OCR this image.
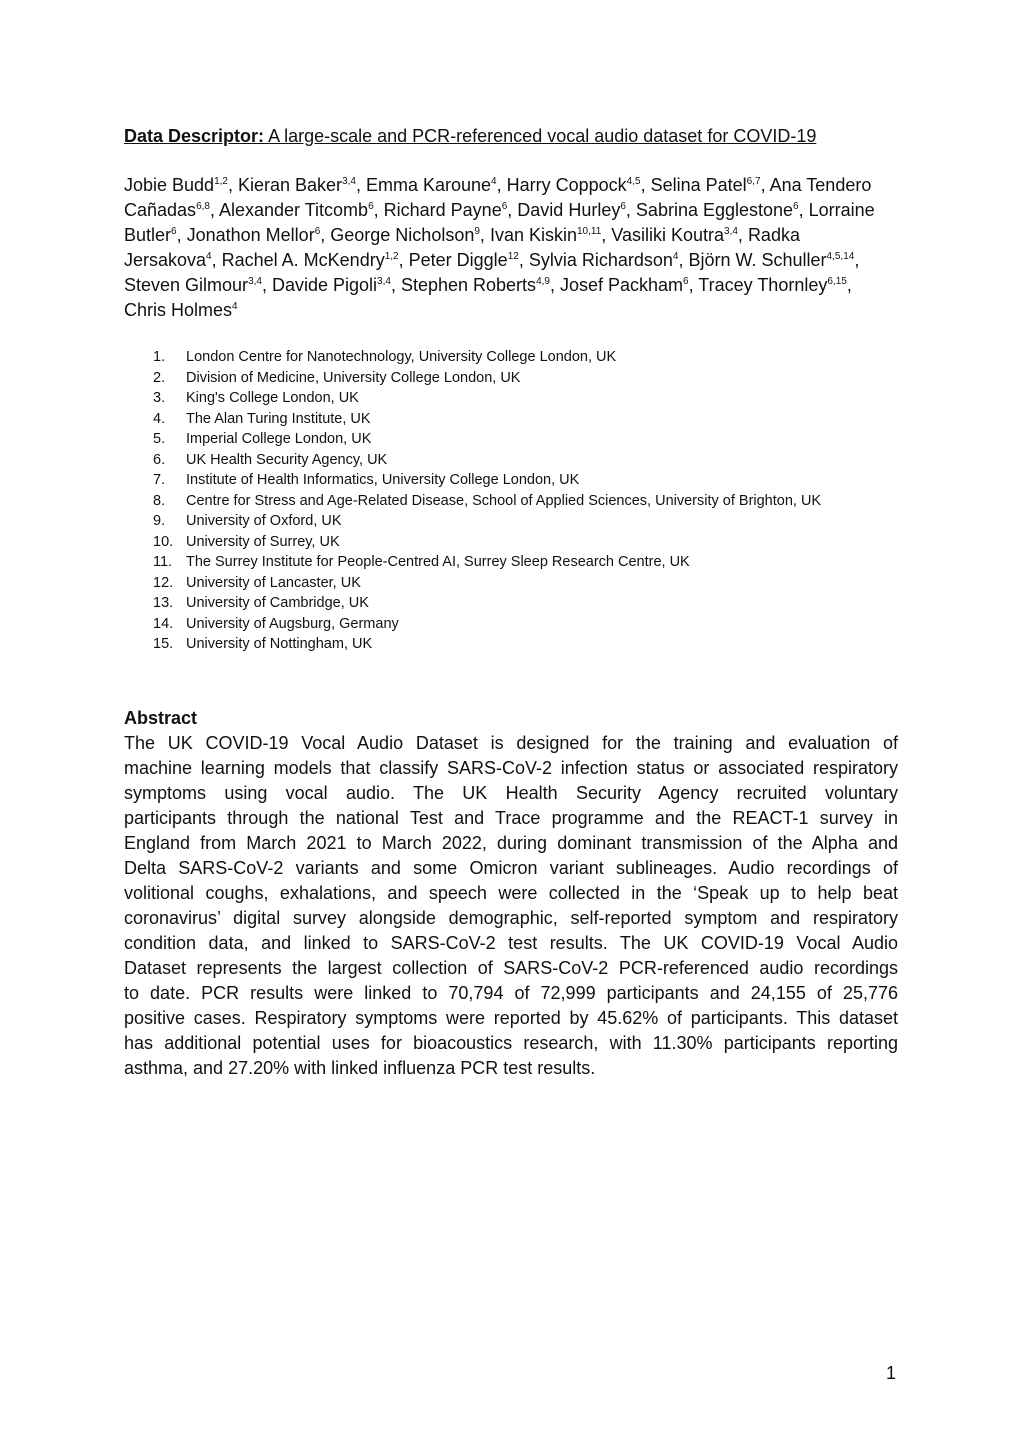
Data Descriptor: A large-scale and PCR-referenced vocal audio dataset for COVID-19
Jobie Budd$^{1,2}$, Kieran Baker$^{3,4}$, Emma Karoune$^4$, Harry Coppock$^{4,5}$, Selina Patel$^{6,7}$, Ana Tendero Cañadas$^{6,8}$, Alexander Titcomb$^6$, Richard Payne$^6$, David Hurley$^6$, Sabrina Egglestone$^6$, Lorraine Butler$^6$, Jonathon Mellor$^6$, George Nicholson$^9$, Ivan Kiskin$^{10,11}$, Vasiliki Koutra$^{3,4}$, Radka Jersakova$^4$, Rachel A. McKendry$^{1,2}$, Peter Diggle$^{12}$, Sylvia Richardson$^4$, Björn W. Schuller$^{4,5,14}$, Steven Gilmour$^{3,4}$, Davide Pigoli$^{3,4}$, Stephen Roberts$^{4,9}$, Josef Packham$^6$, Tracey Thornley$^{6,15}$, Chris Holmes$^4$
1. London Centre for Nanotechnology, University College London, UK
2. Division of Medicine, University College London, UK
3. King's College London, UK
4. The Alan Turing Institute, UK
5. Imperial College London, UK
6. UK Health Security Agency, UK
7. Institute of Health Informatics, University College London, UK
8. Centre for Stress and Age-Related Disease, School of Applied Sciences, University of Brighton, UK
9. University of Oxford, UK
10. University of Surrey, UK
11. The Surrey Institute for People-Centred AI, Surrey Sleep Research Centre, UK
12. University of Lancaster, UK
13. University of Cambridge, UK
14. University of Augsburg, Germany
15. University of Nottingham, UK
Abstract
The UK COVID-19 Vocal Audio Dataset is designed for the training and evaluation of
machine learning models that classify SARS-CoV-2 infection status or associated respiratory
symptoms using vocal audio. The UK Health Security Agency recruited voluntary
participants through the national Test and Trace programme and the REACT-1 survey in
England from March 2021 to March 2022, during dominant transmission of the Alpha and
Delta SARS-CoV-2 variants and some Omicron variant sublineages. Audio recordings of
volitional coughs, exhalations, and speech were collected in the ‘Speak up to help beat
coronavirus’ digital survey alongside demographic, self-reported symptom and respiratory
condition data, and linked to SARS-CoV-2 test results. The UK COVID-19 Vocal Audio
Dataset represents the largest collection of SARS-CoV-2 PCR-referenced audio recordings
to date. PCR results were linked to 70,794 of 72,999 participants and 24,155 of 25,776
positive cases. Respiratory symptoms were reported by 45.62% of participants. This dataset
has additional potential uses for bioacoustics research, with 11.30% participants reporting
asthma, and 27.20% with linked influenza PCR test results.
1
